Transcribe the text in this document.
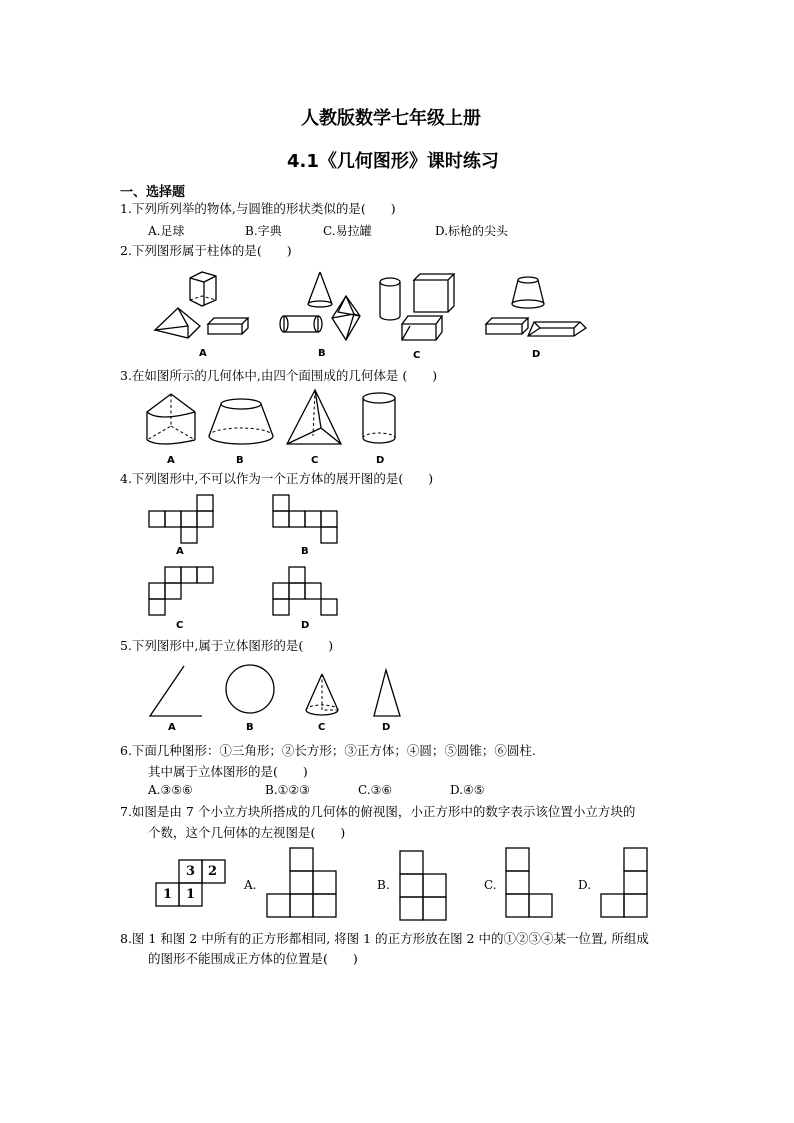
人教版数学七年级上册
4.1《几何图形》课时练习
一、选择题
1.下列所列举的物体,与圆锥的形状类似的是(　　)
A.足球	B.字典	C.易拉罐	D.标枪的尖头
2.下列图形属于柱体的是(　　)
A	B	C	D
3.在如图所示的几何体中,由四个面围成的几何体是 (　　)
A	B	C	D
4.下列图形中,不可以作为一个正方体的展开图的是(　　)
A	B
C	D
5.下列图形中,属于立体图形的是(　　)
A	B	C	D
6.下面几种图形：①三角形；②长方形；③正方体；④圆；⑤圆锥；⑥圆柱.
其中属于立体图形的是(　　)
A.③⑤⑥	B.①②③	C.③⑥	D.④⑤
7.如图是由 7 个小立方块所搭成的几何体的俯视图，小正方形中的数字表示该位置小立方块的
个数，这个几何体的左视图是(　　)
3 2
1 1
A.	B.	C.	D.
8.图 1 和图 2 中所有的正方形都相同, 将图 1 的正方形放在图 2 中的①②③④某一位置, 所组成
的图形不能围成正方体的位置是(　　)
